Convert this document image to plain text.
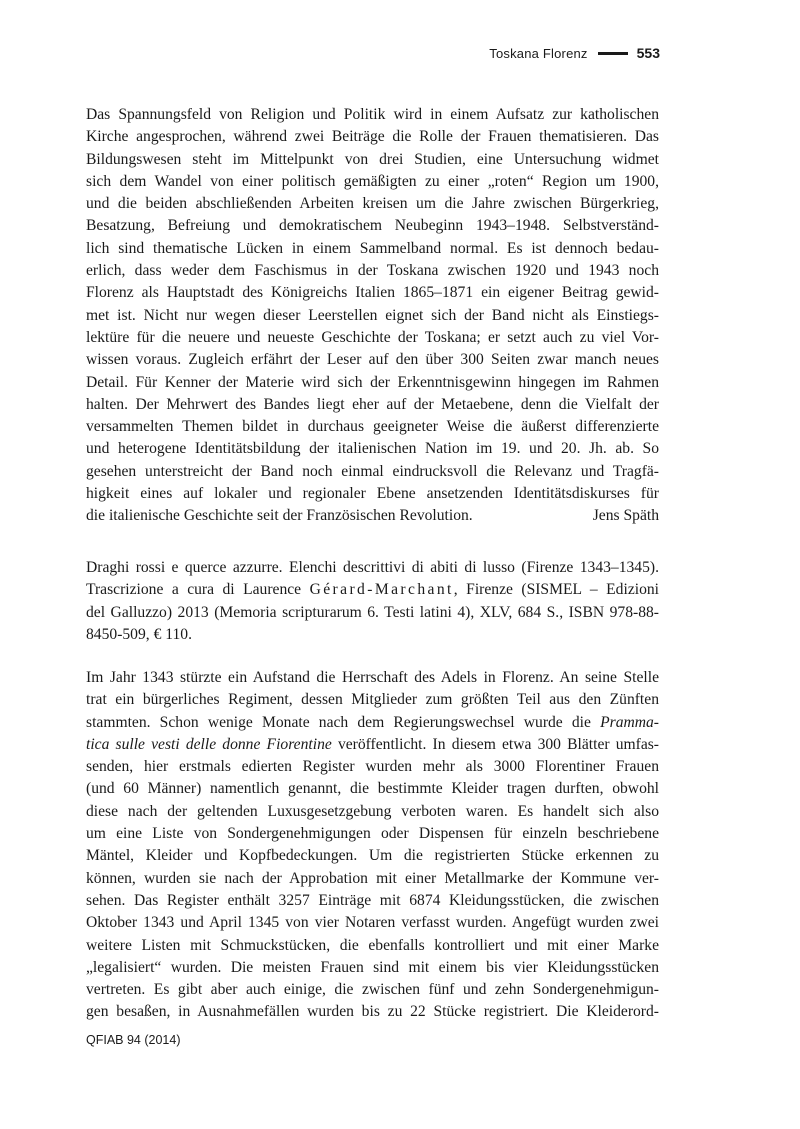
Toskana Florenz	553
Das Spannungsfeld von Religion und Politik wird in einem Aufsatz zur katholischen
Kirche angesprochen, während zwei Beiträge die Rolle der Frauen thematisieren. Das
Bildungswesen steht im Mittelpunkt von drei Studien, eine Untersuchung widmet
sich dem Wandel von einer politisch gemäßigten zu einer „roten“ Region um 1900,
und die beiden abschließenden Arbeiten kreisen um die Jahre zwischen Bürgerkrieg,
Besatzung, Befreiung und demokratischem Neubeginn 1943–1948. Selbstverständ-
lich sind thematische Lücken in einem Sammelband normal. Es ist dennoch bedau-
erlich, dass weder dem Faschismus in der Toskana zwischen 1920 und 1943 noch
Florenz als Hauptstadt des Königreichs Italien 1865–1871 ein eigener Beitrag gewid-
met ist. Nicht nur wegen dieser Leerstellen eignet sich der Band nicht als Einstiegs-
lektüre für die neuere und neueste Geschichte der Toskana; er setzt auch zu viel Vor-
wissen voraus. Zugleich erfährt der Leser auf den über 300 Seiten zwar manch neues
Detail. Für Kenner der Materie wird sich der Erkenntnisgewinn hingegen im Rahmen
halten. Der Mehrwert des Bandes liegt eher auf der Metaebene, denn die Vielfalt der
versammelten Themen bildet in durchaus geeigneter Weise die äußerst differenzierte
und heterogene Identitätsbildung der italienischen Nation im 19. und 20. Jh. ab. So
gesehen unterstreicht der Band noch einmal eindrucksvoll die Relevanz und Tragfä-
higkeit eines auf lokaler und regionaler Ebene ansetzenden Identitätsdiskurses für
die italienische Geschichte seit der Französischen Revolution.	Jens Späth
Draghi rossi e querce azzurre. Elenchi descrittivi di abiti di lusso (Firenze 1343–1345).
Trascrizione a cura di Laurence Gérard-Marchant, Firenze (SISMEL – Edizioni
del Galluzzo) 2013 (Memoria scripturarum 6. Testi latini 4), XLV, 684 S., ISBN 978-88-
8450-509, € 110.
Im Jahr 1343 stürzte ein Aufstand die Herrschaft des Adels in Florenz. An seine Stelle
trat ein bürgerliches Regiment, dessen Mitglieder zum größten Teil aus den Zünften
stammten. Schon wenige Monate nach dem Regierungswechsel wurde die Pramma-
tica sulle vesti delle donne Fiorentine veröffentlicht. In diesem etwa 300 Blätter umfas-
senden, hier erstmals edierten Register wurden mehr als 3000 Florentiner Frauen
(und 60 Männer) namentlich genannt, die bestimmte Kleider tragen durften, obwohl
diese nach der geltenden Luxusgesetzgebung verboten waren. Es handelt sich also
um eine Liste von Sondergenehmigungen oder Dispensen für einzeln beschriebene
Mäntel, Kleider und Kopfbedeckungen. Um die registrierten Stücke erkennen zu
können, wurden sie nach der Approbation mit einer Metallmarke der Kommune ver-
sehen. Das Register enthält 3257 Einträge mit 6874 Kleidungsstücken, die zwischen
Oktober 1343 und April 1345 von vier Notaren verfasst wurden. Angefügt wurden zwei
weitere Listen mit Schmuckstücken, die ebenfalls kontrolliert und mit einer Marke
„legalisiert“ wurden. Die meisten Frauen sind mit einem bis vier Kleidungsstücken
vertreten. Es gibt aber auch einige, die zwischen fünf und zehn Sondergenehmigun-
gen besaßen, in Ausnahmefällen wurden bis zu 22 Stücke registriert. Die Kleiderord-
QFIAB 94 (2014)
